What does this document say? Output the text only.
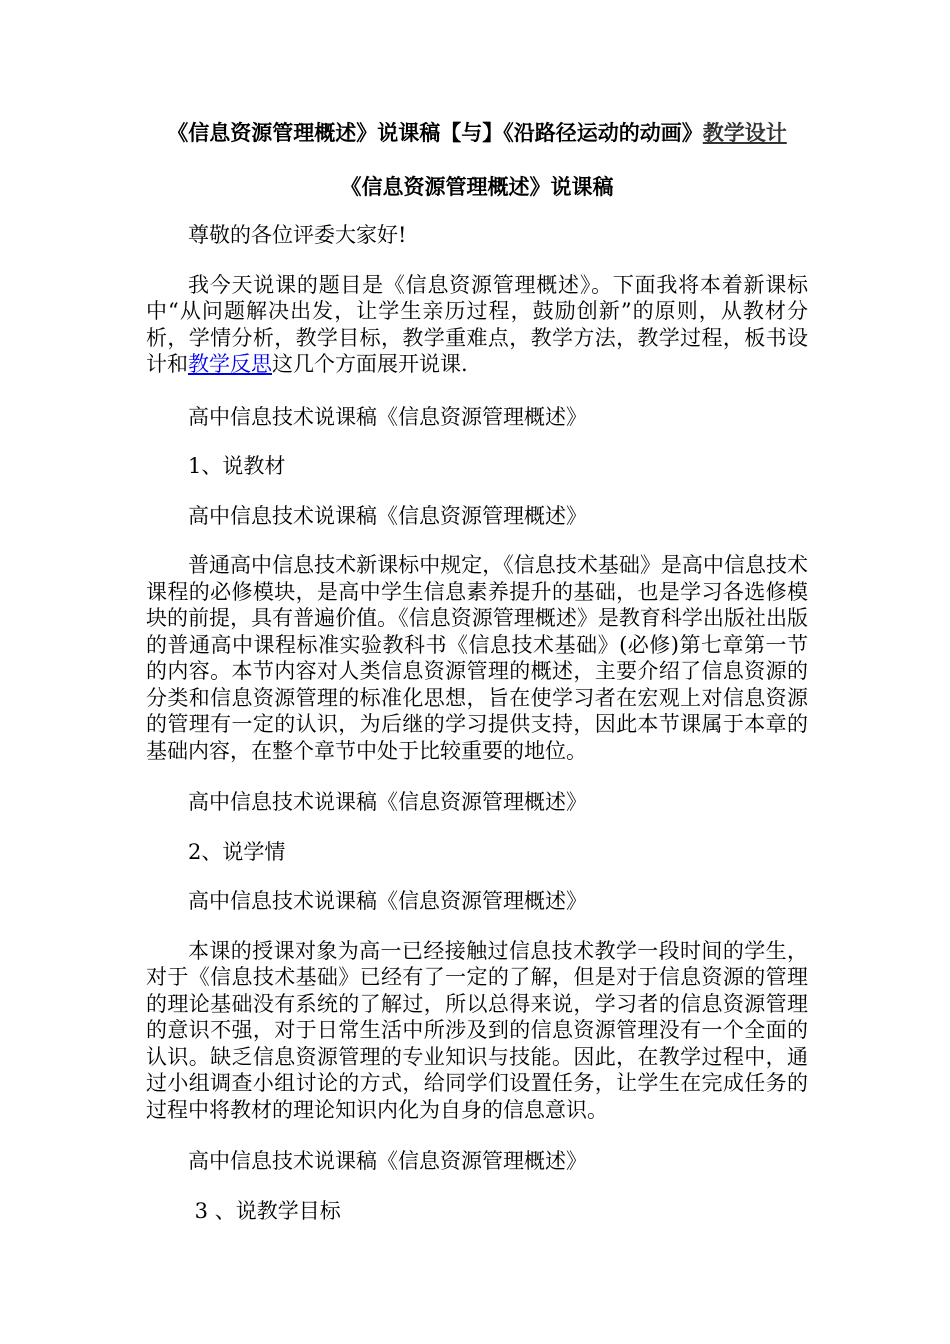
《信息资源管理概述》说课稿【与】《沿路径运动的动画》教学设计
《信息资源管理概述》说课稿

尊敬的各位评委大家好!

我今天说课的题目是《信息资源管理概述》。下面我将本着新课标中“从问题解决出发，让学生亲历过程，鼓励创新”的原则，从教材分析，学情分析，教学目标，教学重难点，教学方法，教学过程，板书设计和教学反思这几个方面展开说课.

高中信息技术说课稿《信息资源管理概述》

1、说教材

高中信息技术说课稿《信息资源管理概述》

普通高中信息技术新课标中规定，《信息技术基础》是高中信息技术课程的必修模块，是高中学生信息素养提升的基础，也是学习各选修模块的前提，具有普遍价值。《信息资源管理概述》是教育科学出版社出版的普通高中课程标准实验教科书《信息技术基础》(必修)第七章第一节的内容。本节内容对人类信息资源管理的概述，主要介绍了信息资源的分类和信息资源管理的标准化思想，旨在使学习者在宏观上对信息资源的管理有一定的认识，为后继的学习提供支持，因此本节课属于本章的基础内容，在整个章节中处于比较重要的地位。

高中信息技术说课稿《信息资源管理概述》

2、说学情

高中信息技术说课稿《信息资源管理概述》

本课的授课对象为高一已经接触过信息技术教学一段时间的学生，对于《信息技术基础》已经有了一定的了解，但是对于信息资源的管理的理论基础没有系统的了解过，所以总得来说，学习者的信息资源管理的意识不强，对于日常生活中所涉及到的信息资源管理没有一个全面的认识。缺乏信息资源管理的专业知识与技能。因此，在教学过程中，通过小组调查小组讨论的方式，给同学们设置任务，让学生在完成任务的过程中将教材的理论知识内化为自身的信息意识。

高中信息技术说课稿《信息资源管理概述》

3 、说教学目标
